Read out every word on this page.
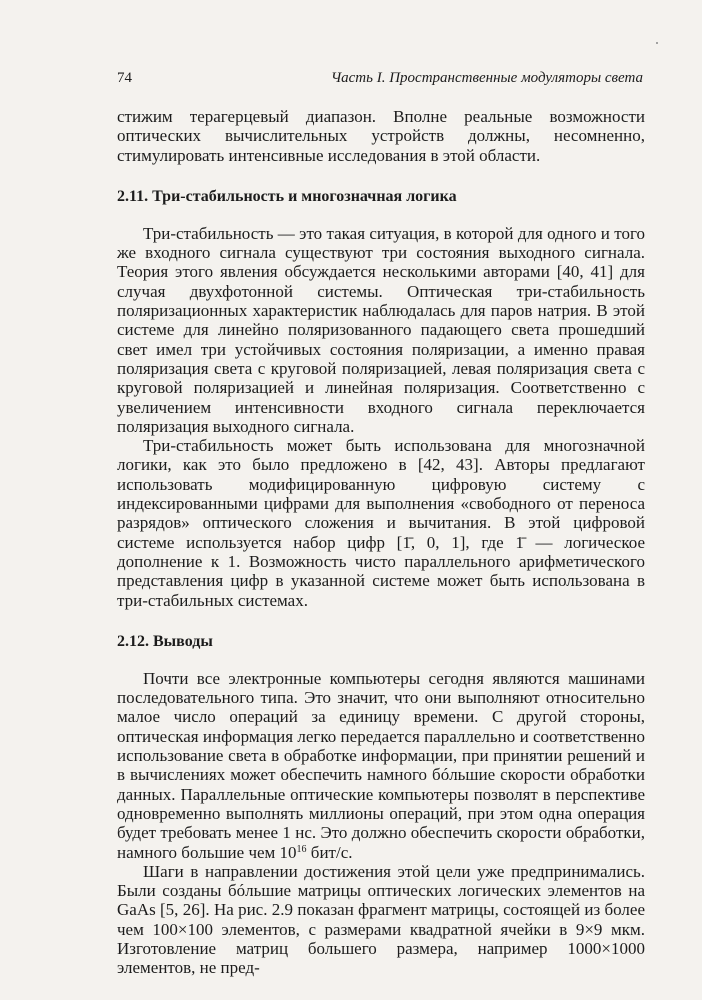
74	Часть I. Пространственные модуляторы света

стижим терагерцевый диапазон. Вполне реальные возможности оптических вычислительных устройств должны, несомненно, стимулировать интенсивные исследования в этой области.

2.11. Три-стабильность и многозначная логика

Три-стабильность — это такая ситуация, в которой для одного и того же входного сигнала существуют три состояния выходного сигнала. Теория этого явления обсуждается несколькими авторами [40, 41] для случая двухфотонной системы. Оптическая три-стабильность поляризационных характеристик наблюдалась для паров натрия. В этой системе для линейно поляризованного падающего света прошедший свет имел три устойчивых состояния поляризации, а именно правая поляризация света с круговой поляризацией, левая поляризация света с круговой поляризацией и линейная поляризация. Соответственно с увеличением интенсивности входного сигнала переключается поляризация выходного сигнала.

Три-стабильность может быть использована для многозначной логики, как это было предложено в [42, 43]. Авторы предлагают использовать модифицированную цифровую систему с индексированными цифрами для выполнения «свободного от переноса разрядов» оптического сложения и вычитания. В этой цифровой системе используется набор цифр [1̄, 0, 1], где 1̄ — логическое дополнение к 1. Возможность чисто параллельного арифметического представления цифр в указанной системе может быть использована в три-стабильных системах.

2.12. Выводы

Почти все электронные компьютеры сегодня являются машинами последовательного типа. Это значит, что они выполняют относительно малое число операций за единицу времени. С другой стороны, оптическая информация легко передается параллельно и соответственно использование света в обработке информации, при принятии решений и в вычислениях может обеспечить намного бóльшие скорости обработки данных. Параллельные оптические компьютеры позволят в перспективе одновременно выполнять миллионы операций, при этом одна операция будет требовать менее 1 нс. Это должно обеспечить скорости обработки, намного большие чем $10^{16}$ бит/с.

Шаги в направлении достижения этой цели уже предпринимались. Были созданы бóльшие матрицы оптических логических элементов на GaAs [5, 26]. На рис. 2.9 показан фрагмент матрицы, состоящей из более чем 100×100 элементов, с размерами квадратной ячейки в 9×9 мкм. Изготовление матриц большего размера, например 1000×1000 элементов, не пред-
